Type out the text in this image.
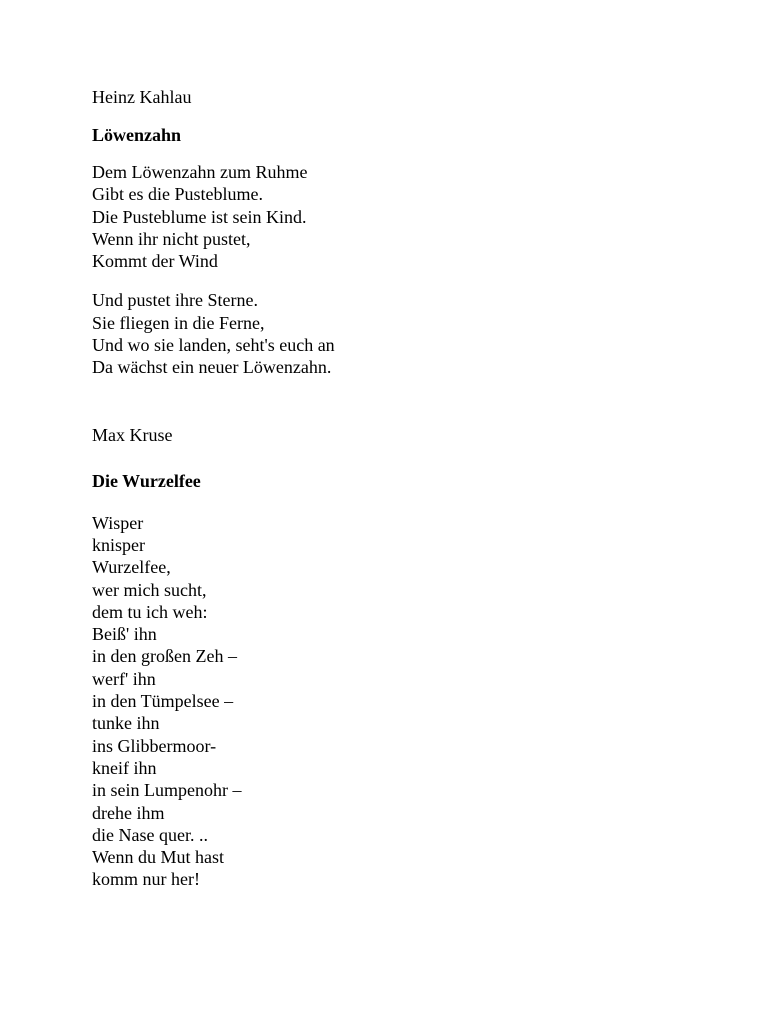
Heinz Kahlau

Löwenzahn

Dem Löwenzahn zum Ruhme
Gibt es die Pusteblume.
Die Pusteblume ist sein Kind.
Wenn ihr nicht pustet,
Kommt der Wind
Und pustet ihre Sterne.
Sie fliegen in die Ferne,
Und wo sie landen, seht's euch an
Da wächst ein neuer Löwenzahn.

Max Kruse

Die Wurzelfee

Wisper
knisper
Wurzelfee,
wer mich sucht,
dem tu ich weh:
Beiß' ihn
in den großen Zeh –
werf' ihn
in den Tümpelsee –
tunke ihn
ins Glibbermoor-
kneif ihn
in sein Lumpenohr –
drehe ihm
die Nase quer. ..
Wenn du Mut hast
komm nur her!
